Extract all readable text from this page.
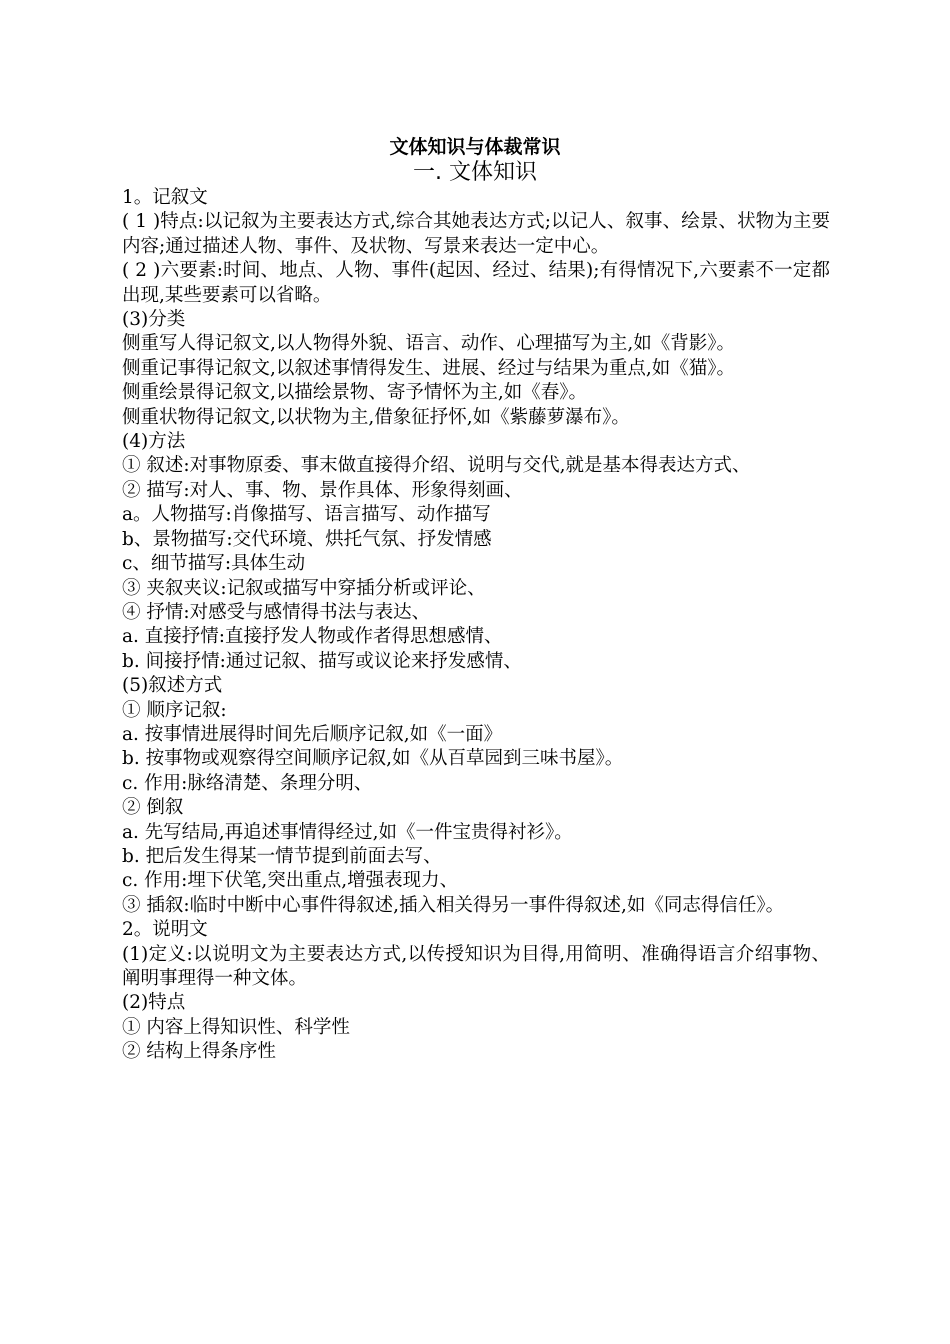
文体知识与体裁常识
一. 文体知识

1。记叙文

( 1 )特点:以记叙为主要表达方式,综合其她表达方式;以记人、叙事、绘景、状物为主要内容;通过描述人物、事件、及状物、写景来表达一定中心。

( 2 )六要素:时间、地点、人物、事件(起因、经过、结果);有得情况下,六要素不一定都出现,某些要素可以省略。

(3)分类

侧重写人得记叙文,以人物得外貌、语言、动作、心理描写为主,如《背影》。

侧重记事得记叙文,以叙述事情得发生、进展、经过与结果为重点,如《猫》。

侧重绘景得记叙文,以描绘景物、寄予情怀为主,如《春》。

侧重状物得记叙文,以状物为主,借象征抒怀,如《紫藤萝瀑布》。

(4)方法

① 叙述:对事物原委、事末做直接得介绍、说明与交代,就是基本得表达方式、

② 描写:对人、事、物、景作具体、形象得刻画、

a。人物描写:肖像描写、语言描写、动作描写

b、景物描写:交代环境、烘托气氛、抒发情感

c、细节描写:具体生动

③ 夹叙夹议:记叙或描写中穿插分析或评论、

④ 抒情:对感受与感情得书法与表达、

a. 直接抒情:直接抒发人物或作者得思想感情、

b. 间接抒情:通过记叙、描写或议论来抒发感情、

(5)叙述方式

① 顺序记叙:

a. 按事情进展得时间先后顺序记叙,如《一面》

b. 按事物或观察得空间顺序记叙,如《从百草园到三味书屋》。

c. 作用:脉络清楚、条理分明、

② 倒叙

a. 先写结局,再追述事情得经过,如《一件宝贵得衬衫》。

b. 把后发生得某一情节提到前面去写、

c. 作用:埋下伏笔,突出重点,增强表现力、

③ 插叙:临时中断中心事件得叙述,插入相关得另一事件得叙述,如《同志得信任》。

2。说明文

(1)定义:以说明文为主要表达方式,以传授知识为目得,用简明、准确得语言介绍事物、阐明事理得一种文体。

(2)特点

① 内容上得知识性、科学性

② 结构上得条序性
